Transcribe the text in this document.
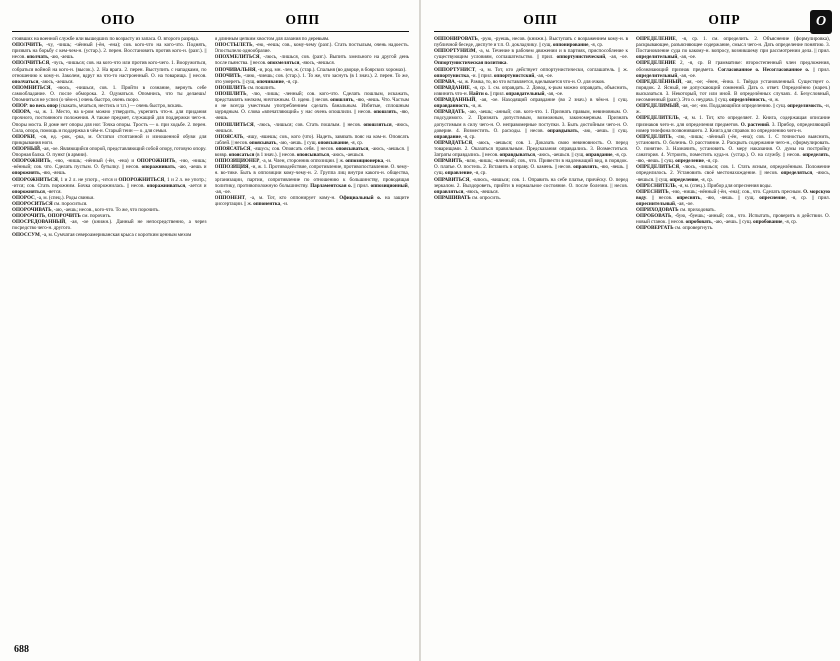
ОПО	ОПП

стоявших на военной службе или вышедших по возрасту из запаса. О. второго разряда.

ОПОЛЧИТЬ, -чу, -чишь; -чённый (-ён, -ена); сов. кого-что на кого-что. Поднять, призвать на борьбу с кем-чем-н. (устар.). 2. перен. Восстановить против кого-н. (разг.). || несов. ополчать, -аю, -аешь.

ОПОЛЧИТЬСЯ, -чусь, -чишься; сов. на кого-что или против кого-чего. 1. Вооружиться, собраться войной на кого-н. (высок.). 2. На врага. 2. перен. Выступить с нападками, по отношению к кому-н. Заколем, вдруг на что-то настроенный. О. на товарища. || несов. ополчаться, -аюсь, -аешься.

ОПОМНИТЬСЯ, -нюсь, -нишься, сов. 1. Прийти в сознание, вернуть себе самообладание. О. после обморока. 2. Одуматься. Опомнись, что ты делаешь! Опомниться не успел (о чём-н.) очень быстро, очень скоро.

ОПОР: во весь опор (скакать, мчаться, нестись и т.п.) — очень быстро, вскачь.

ОПОРА, -ы, ж. 1. Место, на к-ром можно утвердить, укрепить что-н. для придания прочного, постоянного положения. А также предмет, служащий для поддержки чего-н. Опоры моста. В доме нет опоры для ног. Точка опоры. Трость — о. при ходьбе. 2. перен. Сила, опора, помощь и поддержка в чём-н. Старый теин — о. для семьи.

ОПОРКИ, -ов, ед. -рок, -рка, м. Остатки стоптанной и изношенной обуви для прикрывания ноги.

ОПОРНЫЙ, -ая, -ое. Являющийся опорой, представляющий собой опору, готовую опору. Опорная балка. О. пункт (в армии).

ОПОРОЖНИТЬ, -ню, -нишь; -нённый (-ён, -ена) и ОПОРОЖНИТЬ, -ню, -нишь; -нённый; сов. что. Сделать пустым. О. бутылку. || несов. опоражнивать, -аю, -аешь и опорожнять, -яю, -яешь.

ОПОРОЖНИТЬСЯ, 1 и 2 л. не употр., -ится и ОПОРОЖНИТЬСЯ, 1 и 2 л. не употр.; -ится; сов. Стать порожним. Бочка опорожнилась. || несов. опоражниваться, -ается и опорожняться, -яется.

ОПОРОС, -а, м. (спец.). Роды свиньи.

ОПОРОСИТЬСЯ см. пороситься.

ОПОРОЧИВАТЬ, -аю, -аешь; несов., кого-что. То же, что порочить.

ОПОРОЧИТЬ, ОПОРОЧИТЬ см. порочить.

ОПОСРЕДОВАННЫЙ, -ая, -ое (книжн.). Данный не непосредственно, а через посредство чего-н. другого.

ОПОССУМ, -а, м. Сумчатая североамериканская крыса с коротким ценным мехом

и длинным цепким хвостом для лазания по деревьям.

ОПОСТЫЛЕТЬ, -ею, -еешь; сов., кому-чему (разг.). Стать постылым, очень надоесть. Опостылело однообразие.

ОПОХМЕЛИТЬСЯ, -люсь, -лишься, сов. (разг.). Выпить хмельного на другой день после пьянства. || несов. опохмеляться, -яюсь, -яешься.

ОПОЧИВАЛЬНЯ, -и, род. мн. -лен, ж. (стар.). Спальня (во дворце, в боярских хоромах).

ОПОЧИТЬ, -чию, -чиешь; сов. (стар.). 1. То же, что заснуть (в 1 знач.). 2. перен. То же, что умереть. || сущ. опочивание, -я, ср.

ОПОШЛИТЬ см. пошлить.

ОПОШЛИТЬ, -лю, -лишь; -ленный; сов. кого-что. Сделать пошлым, искажать, представлять мелким, ничтожным. О. идею. || несов. опошлять, -яю, -яешь. Что. Частым и не всегда уместным употреблением сделать банальным. Избитые, сплошным заурядным. О. слова «впечатляющий» у нас очень опошлили. || несов. опошлять, -яю, -яешь.

ОПОШЛИТЬСЯ, -люсь, -лишься; сов. Стать пошлым. || несов. опошляться, -яюсь, -яешься.

ОПОЯСАТЬ, -яшу, -яшешь; сов., кого (что). Надеть, завязать пояс на ком-н. Опоясать саблей. || несов. опоясывать, -аю, -аешь. || сущ. опоясывание, -я, ср.

ОПОЯСАТЬСЯ, -яшусь; сов. Опоясать себя. || несов. опоясываться, -аюсь, -аешься. || возвр. опоясаться (в 1 знач.). || несов. опоясываться, -аюсь, -аешься.

ОППОЗИЦИОНЕР, -а, м. Член, сторонник оппозиции. || ж. оппозиционерка, -и.

ОППОЗИЦИЯ, -и, ж. 1. Противодействие, сопротивление, противопоставление. О. чему-н. во-тике. Быть в оппозиции кому-чему-н. 2. Группа лиц внутри какого-н. общества, организации, партии, сопротивление по отношению к большинству, проводящая политику, противоположную большинству. Парламентская о. || прил. оппозиционный, -ая, -ое.

ОППОНЕНТ, -а, м. Тот, кто оппонирует кому-н. Официальный о. на защите диссертации. || ж. оппонентка, -и.

688
ОПП	ОПР

ОППОНИРОВАТЬ, -рую, -руешь, несов. (книжн.). Выступать с возражением кому-н. в публичной беседе, диспуте и т.п. О. докладчику. || сущ. оппонирование, -я, ср.

ОППОРТУНИЗМ, -а, м. Течение в рабочем движении и в партиях, приспособление к существующим условиям, соглашательство. || прил. оппортунистический, -ая, -ое. Оппортунистическая политика.

ОППОРТУНИСТ, -а, м. Тот, кто действует оппортунистически, соглашатель. || ж. оппортунистка, -и. || прил. оппортунистский, -ая, -ое.

ОПРАВА, -ы, ж. Рамка, то, во что вставляется, вделывается что-н. О. для очков.

ОПРАВДАНИЕ, -я, ср. 1. см. оправдать. 2. Довод, к-рым можно оправдать, объяснить, извинить что-н. Найти о. || прил. оправдательный, -ая, -ое.

ОПРАВДАННЫЙ, -ая, -ое. Находящий оправдание (во 2 знач.) в чём-н. || сущ. оправданность, -и, ж.

ОПРАВДАТЬ, -аю, -аешь; -анный; сов. кого-что. 1. Признать правым, невиновным. О. подсудимого. 2. Признать допустимым, возможным, закономерным. Признать допустимым в силу чего-н. О. неправомерные поступки. 3. Быть достойным чего-н. О. доверие. 4. Возместить. О. расходы. || несов. оправдывать, -аю, -аешь. || сущ. оправдание, -я, ср.

ОПРАВДАТЬСЯ, -аюсь, -аешься; сов. 1. Доказать свою невиновность. О. перед товарищами. 2. Оказаться правильным. Предсказания оправдались. 3. Возместиться. Затраты оправдались. || несов. оправдываться, -аюсь, -аешься. || сущ. оправдание, -я, ср.

ОПРАВИТЬ, -влю, -вишь; -вленный; сов., что. Привести в надлежащий вид, в порядок. О. платье. О. постель. 2. Вставить в оправу. О. камень. || несов. оправлять, -яю, -яешь. || сущ. оправление, -я, ср.

ОПРАВИТЬСЯ, -влюсь, -вишься; сов. 1. Оправить на себе платье, причёску. О. перед зеркалом. 2. Выздороветь, прийти в нормальное состояние. О. после болезни. || несов. оправляться, -яюсь, -яешься.

ОПРАШИВАТЬ см. опросить.

ОПРЕДЕЛЕНИЕ, -я, ср. 1. см. определить. 2. Объяснение (формулировка), раскрывающее, разъясняющее содержание, смысл чего-н. Дать определение понятию. 3. Постановление суда по какому-н. вопросу, возникшему при рассмотрении дела. || прил. определительный, -ая, -ое.

ОПРЕДЕЛЕНИЕ 2, -я, ср. В грамматике: второстепенный член предложения, обозначающий признак предмета. Согласованное о. Несогласованное о. || прил. определительный, -ая, -ое.

ОПРЕДЕЛЁННЫЙ, -ая, -ое; -ёнен, -ённа. 1. Твёрдо установленный. Существует о. порядок. 2. Ясный, не допускающий сомнений. Дать о. ответ. Определённо (нареч.) высказаться. 3. Некоторый, тот или иной. В определённых случаях. 4. Безусловный, несомненный (разг.). Это о. неудача. || сущ. определённость, -и, ж.

ОПРЕДЕЛИМЫЙ, -ая, -ое; -им. Поддающийся определению. || сущ. определимость, -и, ж.

ОПРЕДЕЛИТЕЛЬ, -я, м. 1. Тот, кто определяет. 2. Книга, содержащая описание признаков чего-н. для определения предметов. О. растений. 3. Прибор, определяющий номер телефона позвонившего. 2. Книга для справок по определению чего-н.

ОПРЕДЕЛИТЬ, -лю, -лишь; -лённый (-ён, -ена); сов. 1. С точностью выяснить, установить. О. болезнь. О. расстояние. 2. Раскрыть содержание чего-н., сформулировать. О. понятие. 3. Назначить, установить. О. меру наказания. О. думы на постройку санатория. 4. Устроить, поместить куда-н. (устар.). О. на службу. || несов. определять, -яю, -яешь. || сущ. определение, -я, ср.

ОПРЕДЕЛИТЬСЯ, -люсь, -лишься; сов. 1. Стать ясным, определённым. Положение определилось. 2. Установить своё местонахождение. || несов. определяться, -яюсь, -яешься. || сущ. определение, -я, ср.

ОПРЕСНИТЕЛЬ, -я, м. (спец.). Прибор для опреснения воды.

ОПРЕСНИТЬ, -ню, -нишь; -нённый (-ён, -ена); сов., что. Сделать пресным. О. морскую воду. || несов. опреснять, -яю, -яешь. || сущ. опреснение, -я, ср. || прил. опреснительный, -ая, -ое.

ОПРИХОДОВАТЬ см. приходовать.

ОПРОБОВАТЬ, -бую, -буешь; -анный; сов., что. Испытать, проверить в действии. О. новый станок. || несов. опробовать, -аю, -аешь. || сущ. опробование, -я, ср.

ОПРОВЕРГАТЬ см. опровергнуть.

О
